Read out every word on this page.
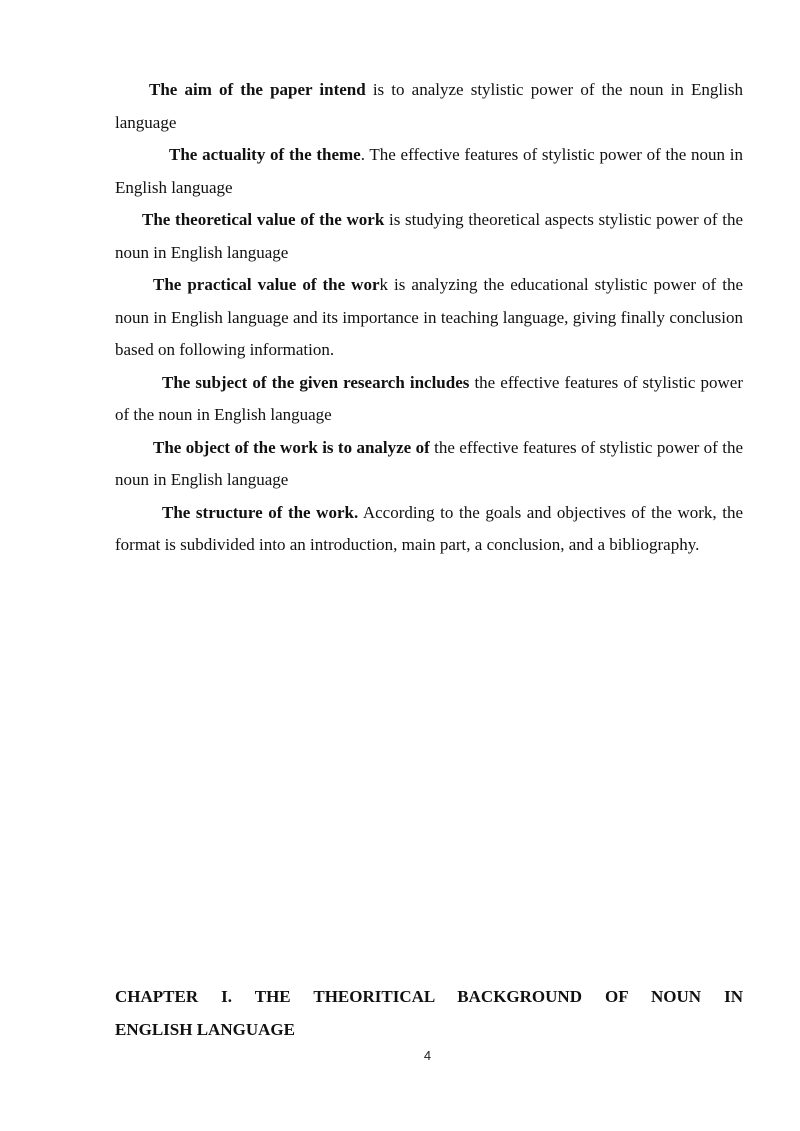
The aim of the paper intend is to analyze stylistic power of the noun in English language

The actuality of the theme. The effective features of stylistic power of the noun in English language

The theoretical value of the work is studying theoretical aspects stylistic power of the noun in English language

The practical value of the work is analyzing the educational stylistic power of the noun in English language and its importance in teaching language, giving finally conclusion based on following information.

The subject of the given research includes the effective features of stylistic power of the noun in English language

The object of the work is to analyze of the effective features of stylistic power of the noun in English language

The structure of the work. According to the goals and objectives of the work, the format is subdivided into an introduction, main part, a conclusion, and a bibliography.

CHAPTER I. THE THEORITICAL BACKGROUND OF NOUN IN
ENGLISH LANGUAGE

4
